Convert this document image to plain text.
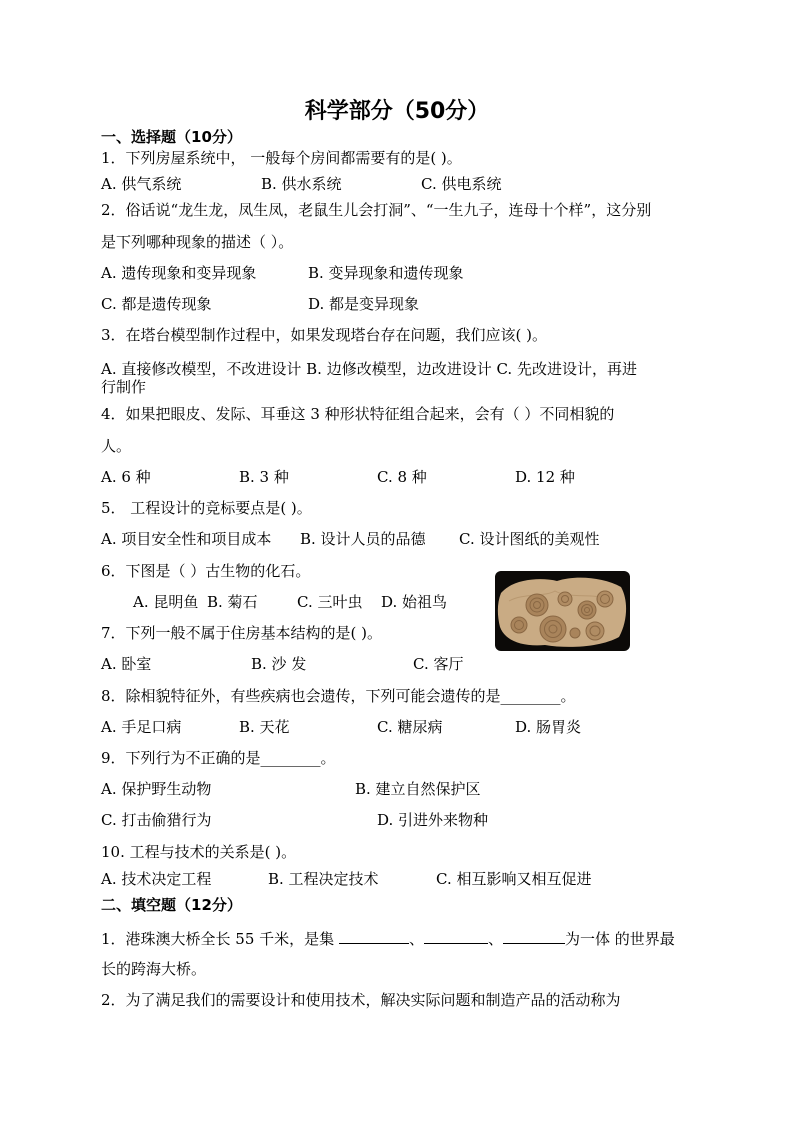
科学部分（50分）
一、选择题（10分）
1．下列房屋系统中， 一般每个房间都需要有的是( )。
A. 供气系统	B. 供水系统	C. 供电系统
2．俗话说“龙生龙，凤生凤，老鼠生儿会打洞”、“一生九子，连母十个样”，这分别
是下列哪种现象的描述（ ）。
A. 遗传现象和变异现象	B. 变异现象和遗传现象
C. 都是遗传现象	D. 都是变异现象
3．在塔台模型制作过程中，如果发现塔台存在问题，我们应该( )。
A. 直接修改模型，不改进设计 B. 边修改模型，边改进设计 C. 先改进设计，再进
行制作
4．如果把眼皮、发际、耳垂这 3 种形状特征组合起来，会有（ ）不同相貌的
人。
A. 6 种	B. 3 种	C. 8 种	D. 12 种
5． 工程设计的竞标要点是( )。
A. 项目安全性和项目成本 B. 设计人员的品德 C. 设计图纸的美观性
6．下图是（ ）古生物的化石。
A. 昆明鱼 B. 菊石	C. 三叶虫 D. 始祖鸟
7．下列一般不属于住房基本结构的是( )。
A. 卧室	B. 沙 发	C. 客厅
8．除相貌特征外，有些疾病也会遗传，下列可能会遗传的是________。
A. 手足口病	B. 天花	C. 糖尿病	D. 肠胃炎
9．下列行为不正确的是________。
A. 保护野生动物	B. 建立自然保护区
C. 打击偷猎行为	D. 引进外来物种
10. 工程与技术的关系是( )。
A. 技术决定工程	B. 工程决定技术	C. 相互影响又相互促进
二、填空题（12分）
1．港珠澳大桥全长 55 千米，是集	、	、	为一体 的世界最
长的跨海大桥。
2．为了满足我们的需要设计和使用技术，解决实际问题和制造产品的活动称为
